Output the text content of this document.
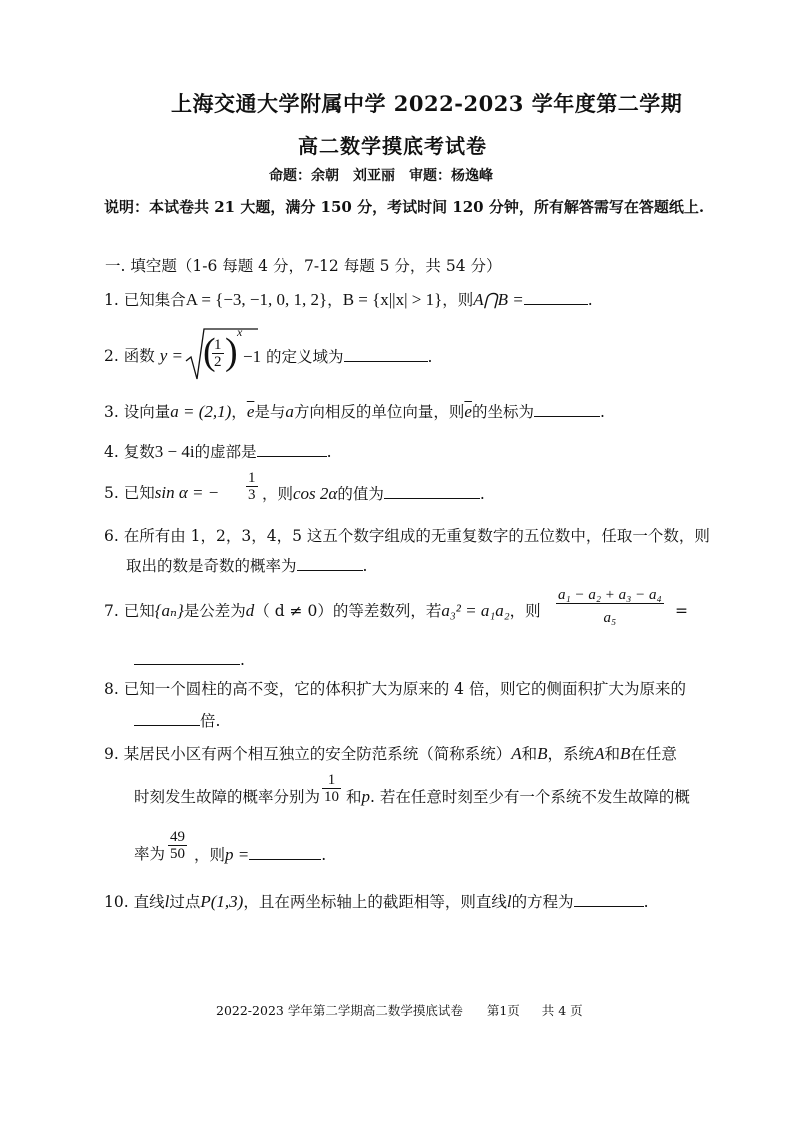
上海交通大学附属中学 2022-2023 学年度第二学期
高二数学摸底考试卷
命题：余朝　刘亚丽　审题：杨逸峰
说明：本试卷共 21 大题，满分 150 分，考试时间 120 分钟，所有解答需写在答题纸上.
一. 填空题（1-6 每题 4 分，7-12 每题 5 分，共 54 分）
1. 已知集合A = {−3, −1, 0, 1, 2}，B = {x||x| > 1}，则A⋂B =	.
2. 函数 y = (
$\frac{1}{2}$ ) x
−1 的定义域为	.
3. 设向量a = (2,1)，$\overline{e}$是与a方向相反的单位向量，则$\overline{e}$的坐标为	.
4. 复数3 − 4i的虚部是	.
5. 已知sin α = − $\frac{1}{3}$ ，则cos 2α的值为	.
6. 在所有由 1，2，3，4，5 这五个数字组成的无重复数字的五位数中，任取一个数，则
取出的数是奇数的概率为	.
7. 已知{aₙ}是公差为d（ d ≠ 0）的等差数列，若a₃² = a₁a₂，则 $\frac{\text{a₁ − a₂ + a₃ − a₄}}{\text{a₅}}$ =
.
8. 已知一个圆柱的高不变，它的体积扩大为原来的 4 倍，则它的侧面积扩大为原来的
倍.
9. 某居民小区有两个相互独立的安全防范系统（简称系统）A和B，系统A和B在任意
时刻发生故障的概率分别为 $\frac{1}{10}$ 和p. 若在任意时刻至少有一个系统不发生故障的概
率为 $\frac{49}{50}$ ，则p =	.
10. 直线l过点P(1,3)，且在两坐标轴上的截距相等，则直线l的方程为	.
2022-2023 学年第二学期高二数学摸底试卷 第1页 共 4 页
